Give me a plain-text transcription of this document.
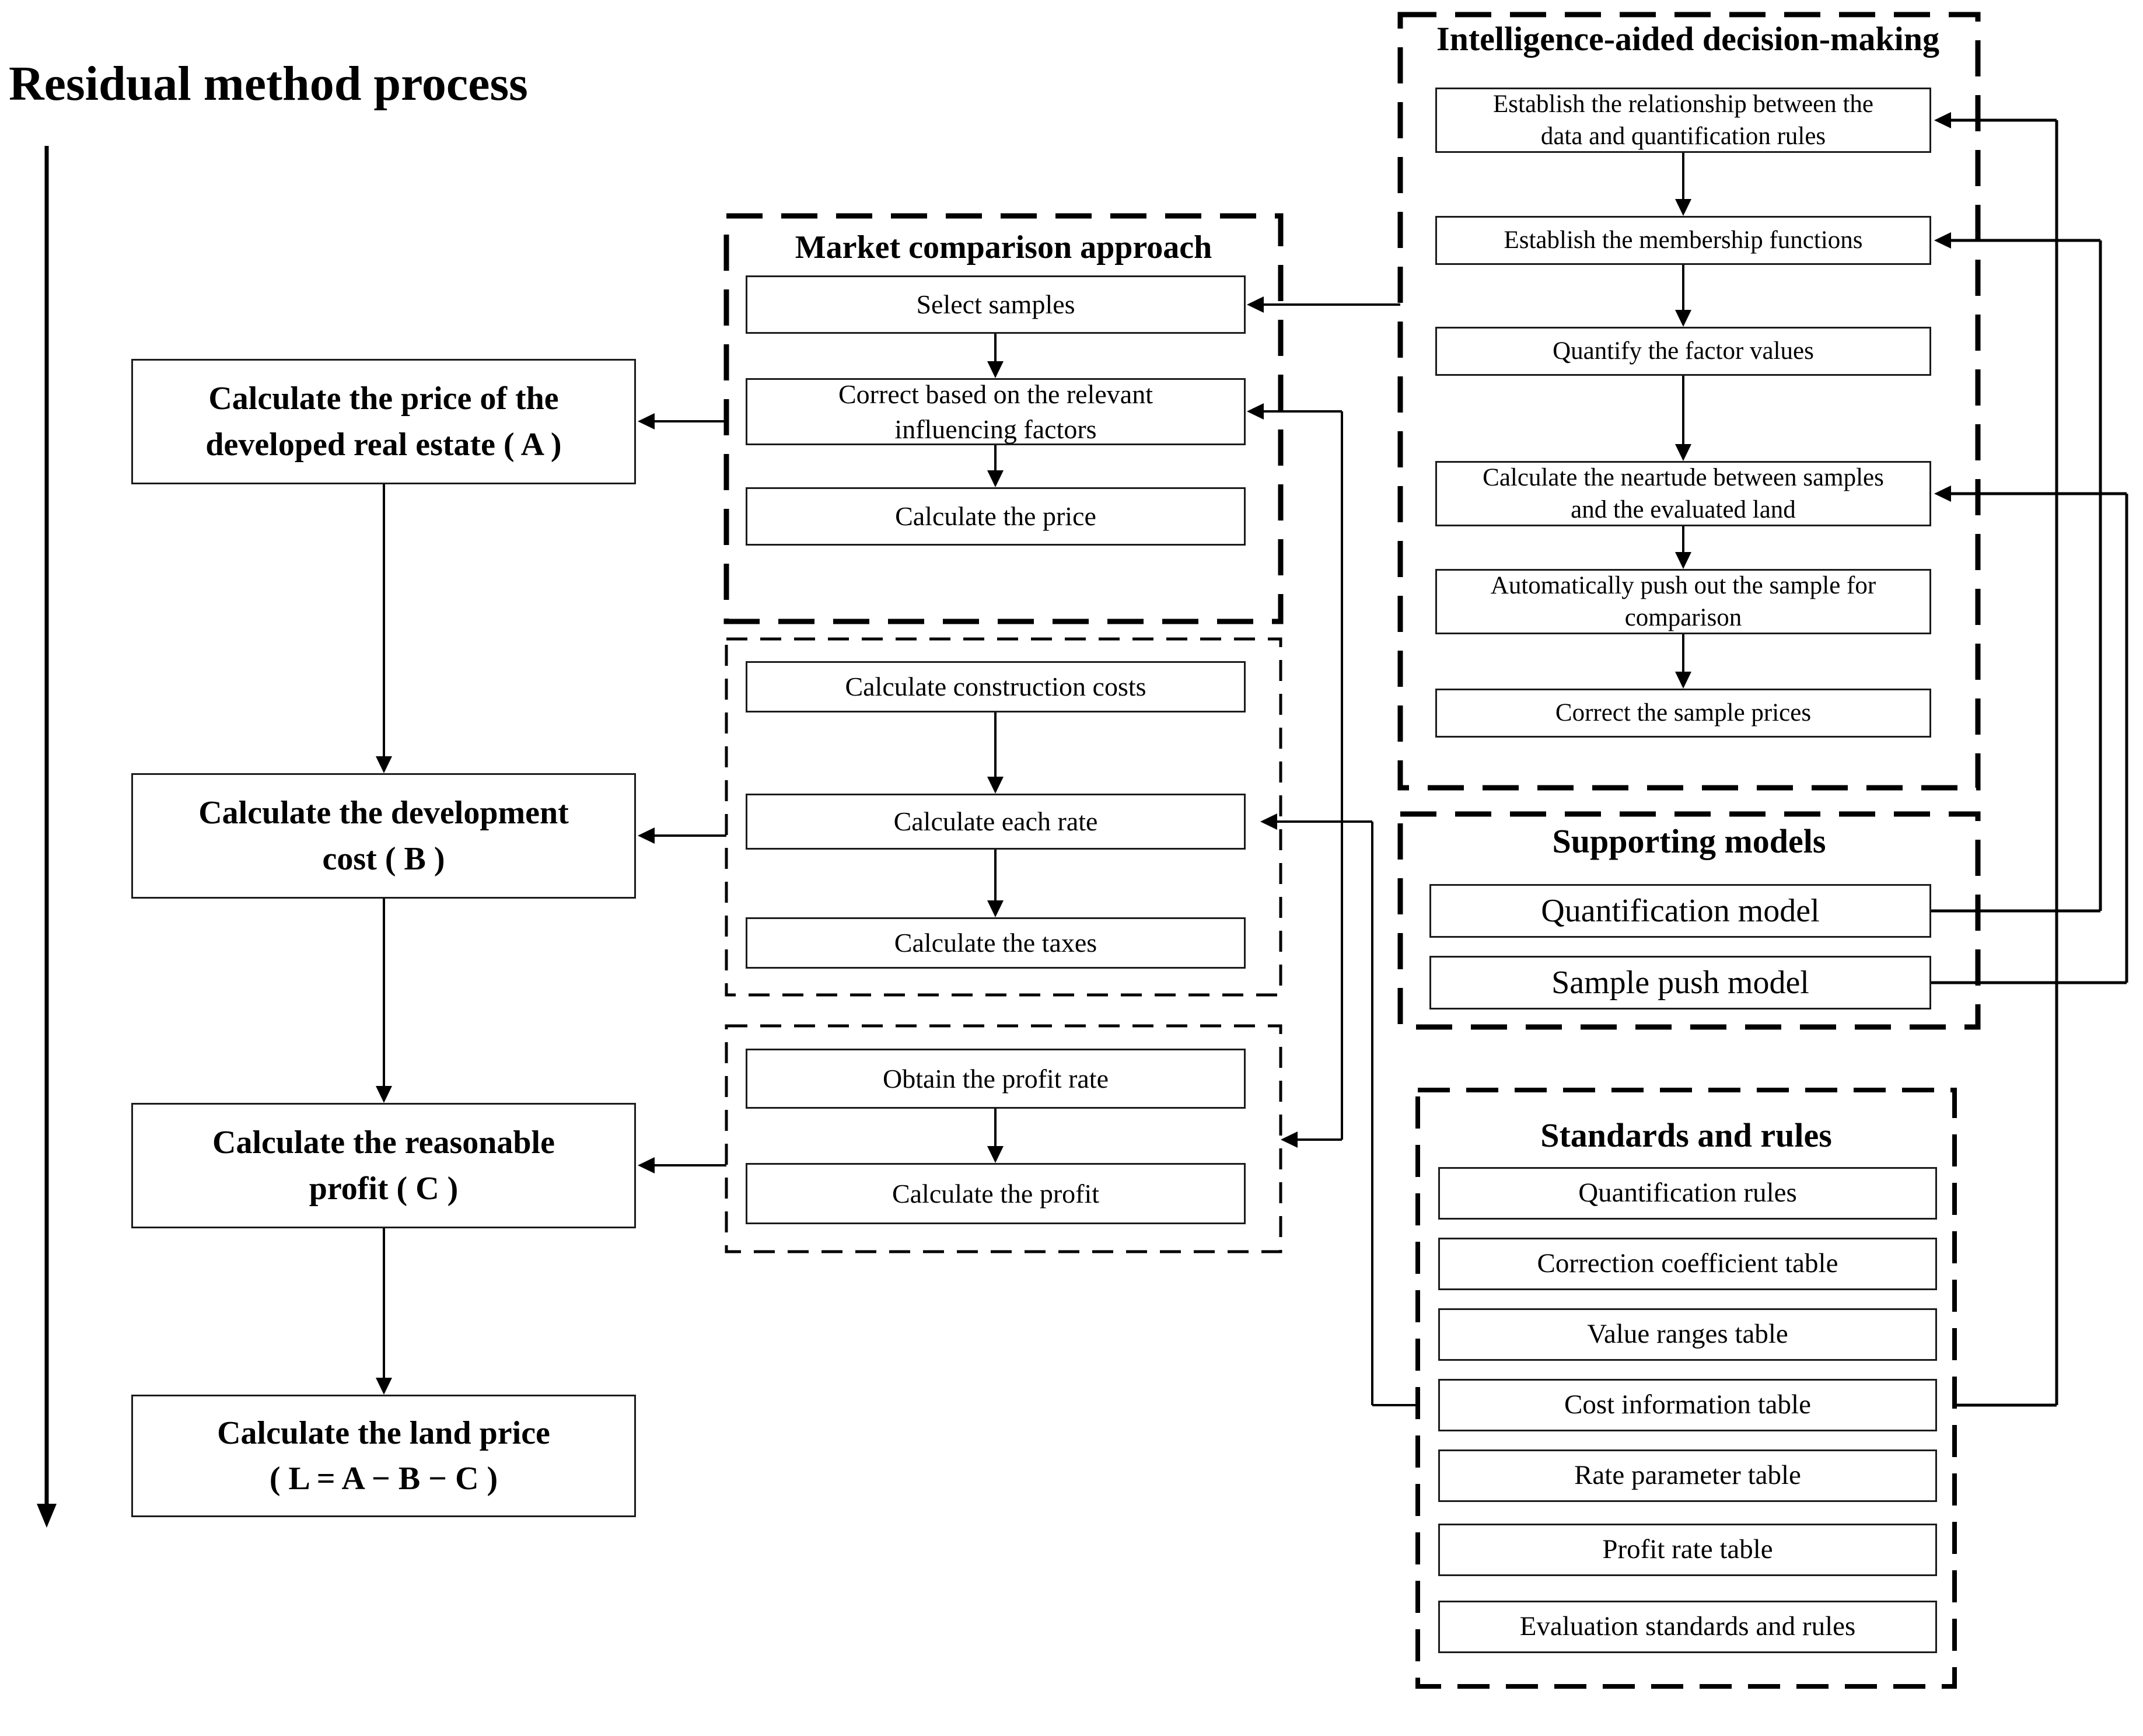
Residual method process
Calculate the price of the
developed real estate ( A )
Calculate the development
cost ( B )
Calculate the reasonable
profit ( C )
Calculate the land price
( L = A − B − C )
Market comparison approach
Select samples
Correct based on the relevant
influencing factors
Calculate the price
Calculate construction costs
Calculate each rate
Calculate the taxes
Obtain the profit rate
Calculate the profit
Intelligence-aided decision-making
Establish the relationship between the
data and quantification rules
Establish the membership functions
Quantify the factor values
Calculate the neartude between samples
and the evaluated land
Automatically push out the sample for
comparison
Correct the sample prices
Supporting models
Quantification model
Sample push model
Standards and rules
Quantification rules
Correction coefficient table
Value ranges table
Cost information table
Rate parameter table
Profit rate table
Evaluation standards and rules
